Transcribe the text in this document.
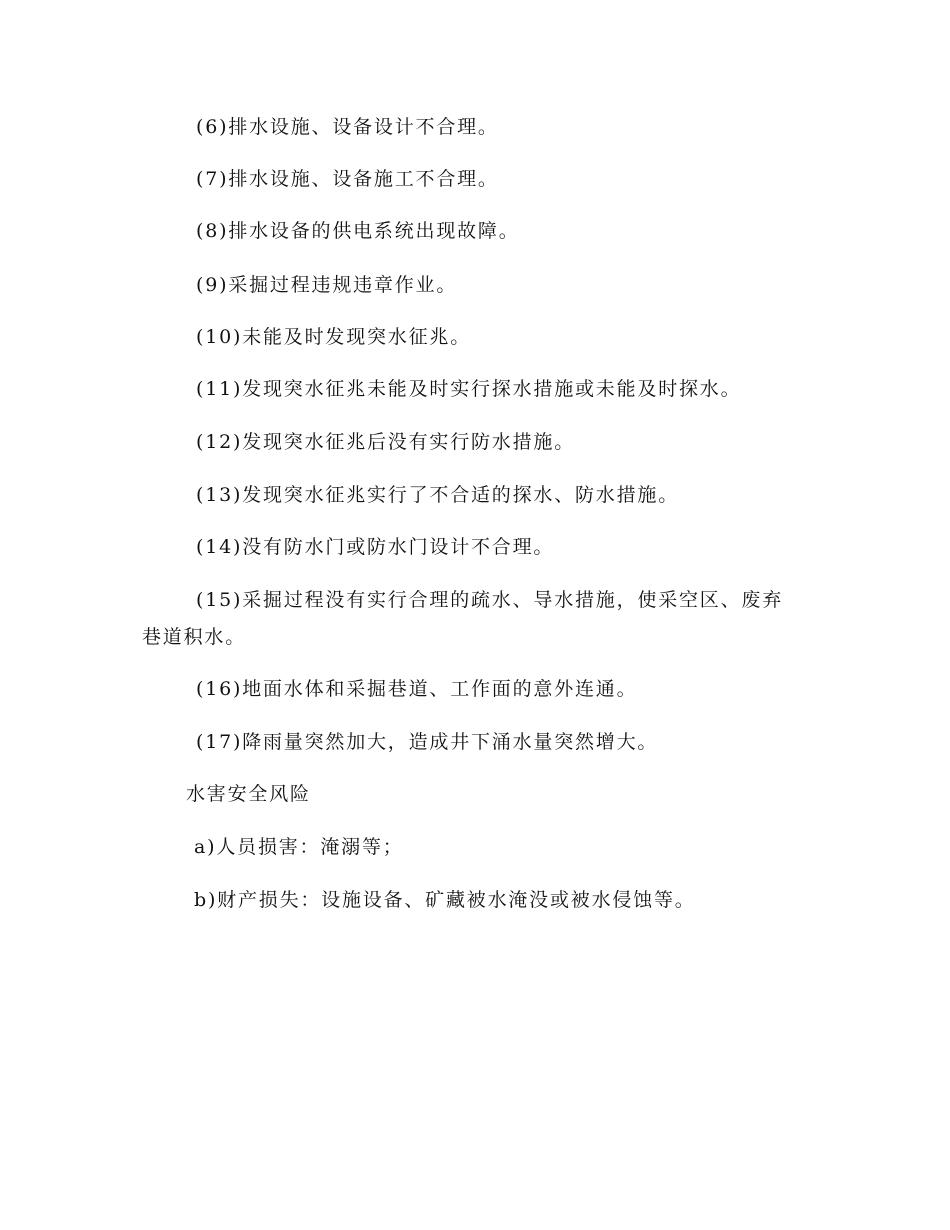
(6)排水设施、设备设计不合理。

(7)排水设施、设备施工不合理。

(8)排水设备的供电系统出现故障。

(9)采掘过程违规违章作业。

(10)未能及时发现突水征兆。

(11)发现突水征兆未能及时实行探水措施或未能及时探水。

(12)发现突水征兆后没有实行防水措施。

(13)发现突水征兆实行了不合适的探水、防水措施。

(14)没有防水门或防水门设计不合理。

(15)采掘过程没有实行合理的疏水、导水措施，使采空区、废弃

巷道积水。

(16)地面水体和采掘巷道、工作面的意外连通。

(17)降雨量突然加大，造成井下涌水量突然增大。

水害安全风险

a)人员损害：淹溺等；

b)财产损失：设施设备、矿藏被水淹没或被水侵蚀等。
